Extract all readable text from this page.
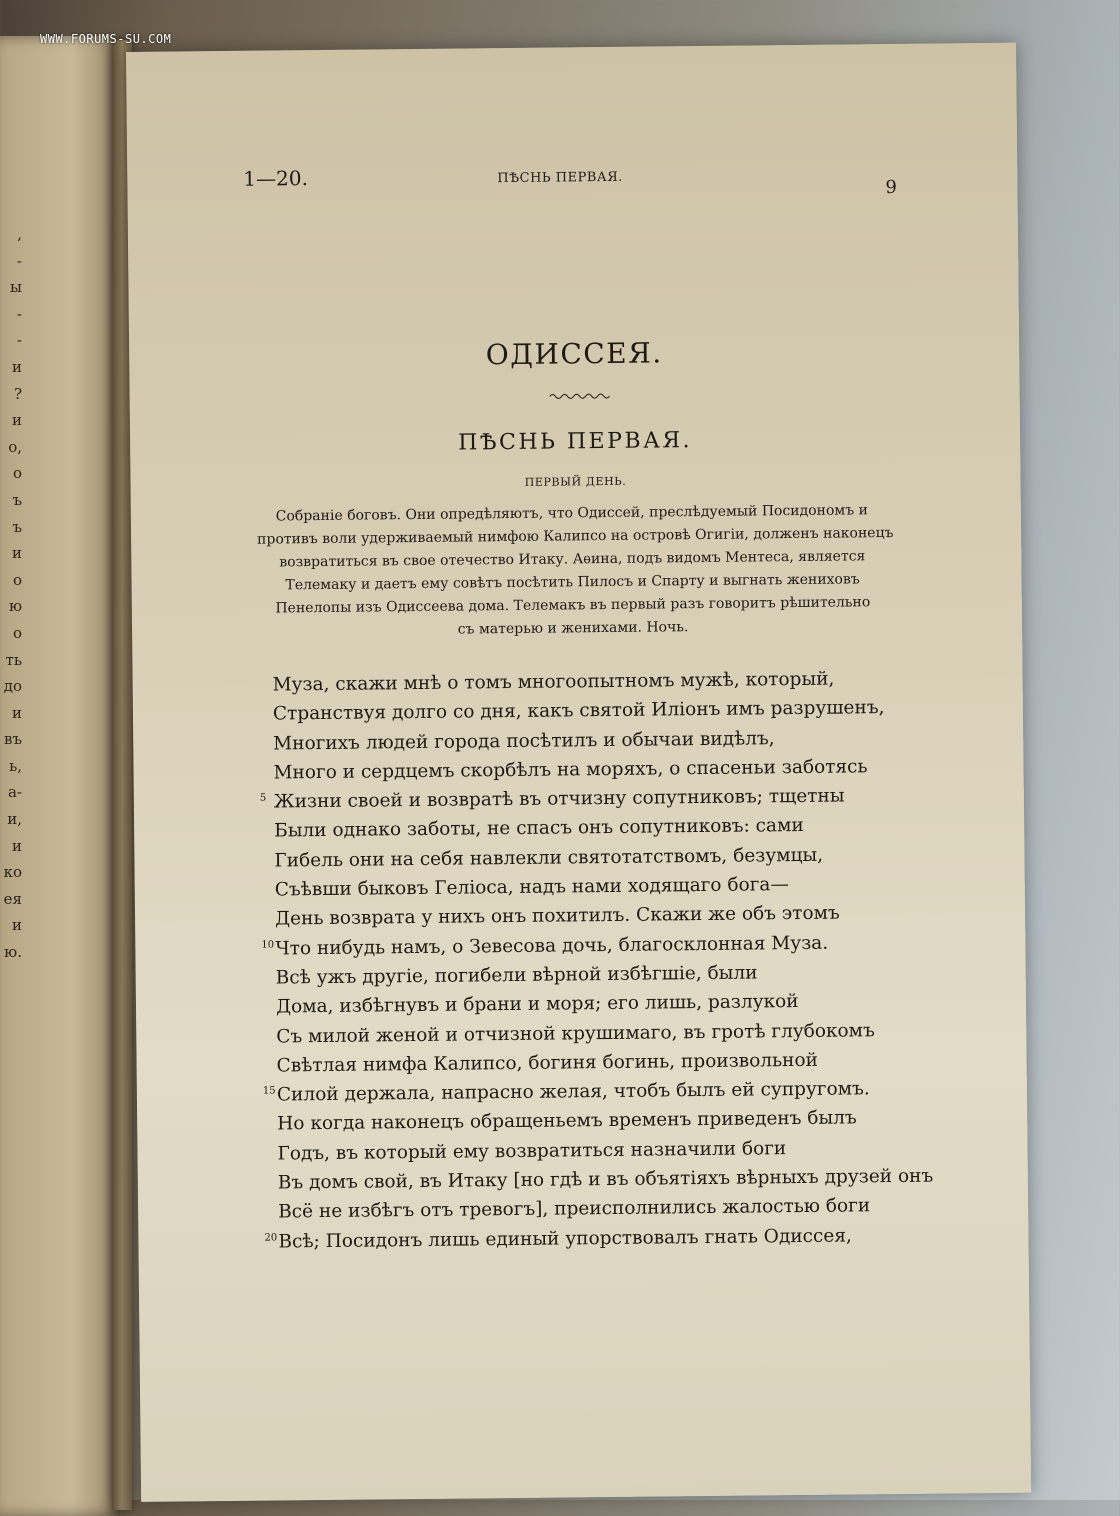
WWW.FORUMS-SU.COM
,
-
ы
-
-
и
?
и
о,
о
ъ
ъ
и
о
ю
о
ть
до
и
въ
ь,
а-
и,
и
ко
ея
и
ю.
1—20.	ПѢСНЬ ПЕРВАЯ.	9
ОДИССЕЯ.
ПѢСНЬ ПЕРВАЯ.
ПЕРВЫЙ ДЕНЬ.
Собраніе боговъ. Они опредѣляютъ, что Одиссей, преслѣдуемый Посидономъ и
противъ воли удерживаемый нимфою Калипсо на островѣ Огигіи, долженъ наконецъ
возвратиться въ свое отечество Итаку. Аѳина, подъ видомъ Ментеса, является
Телемаку и даетъ ему совѣтъ посѣтить Пилосъ и Спарту и выгнать жениховъ
Пенелопы изъ Одиссеева дома. Телемакъ въ первый разъ говоритъ рѣшительно
съ матерью и женихами. Ночь.
Муза, скажи мнѣ о томъ многоопытномъ мужѣ, который,
Странствуя долго со дня, какъ святой Иліонъ имъ разрушенъ,
Многихъ людей города посѣтилъ и обычаи видѣлъ,
Много и сердцемъ скорбѣлъ на моряхъ, о спасеньи заботясь
5 Жизни своей и возвратѣ въ отчизну сопутниковъ; тщетны
Были однако заботы, не спасъ онъ сопутниковъ: сами
Гибель они на себя навлекли святотатствомъ, безумцы,
Съѣвши быковъ Геліоса, надъ нами ходящаго бога—
День возврата у нихъ онъ похитилъ. Скажи же объ этомъ
10 Что нибудь намъ, о Зевесова дочь, благосклонная Муза.
Всѣ ужъ другіе, погибели вѣрной избѣгшіе, были
Дома, избѣгнувъ и брани и моря; его лишь, разлукой
Съ милой женой и отчизной крушимаго, въ гротѣ глубокомъ
Свѣтлая нимфа Калипсо, богиня богинь, произвольной
15 Силой держала, напрасно желая, чтобъ былъ ей супругомъ.
Но когда наконецъ обращеньемъ временъ приведенъ былъ
Годъ, въ который ему возвратиться назначили боги
Въ домъ свой, въ Итаку [но гдѣ и въ объятіяхъ вѣрныхъ друзей онъ
Всё не избѣгъ отъ тревогъ], преисполнились жалостью боги
20 Всѣ; Посидонъ лишь единый упорствовалъ гнать Одиссея,
